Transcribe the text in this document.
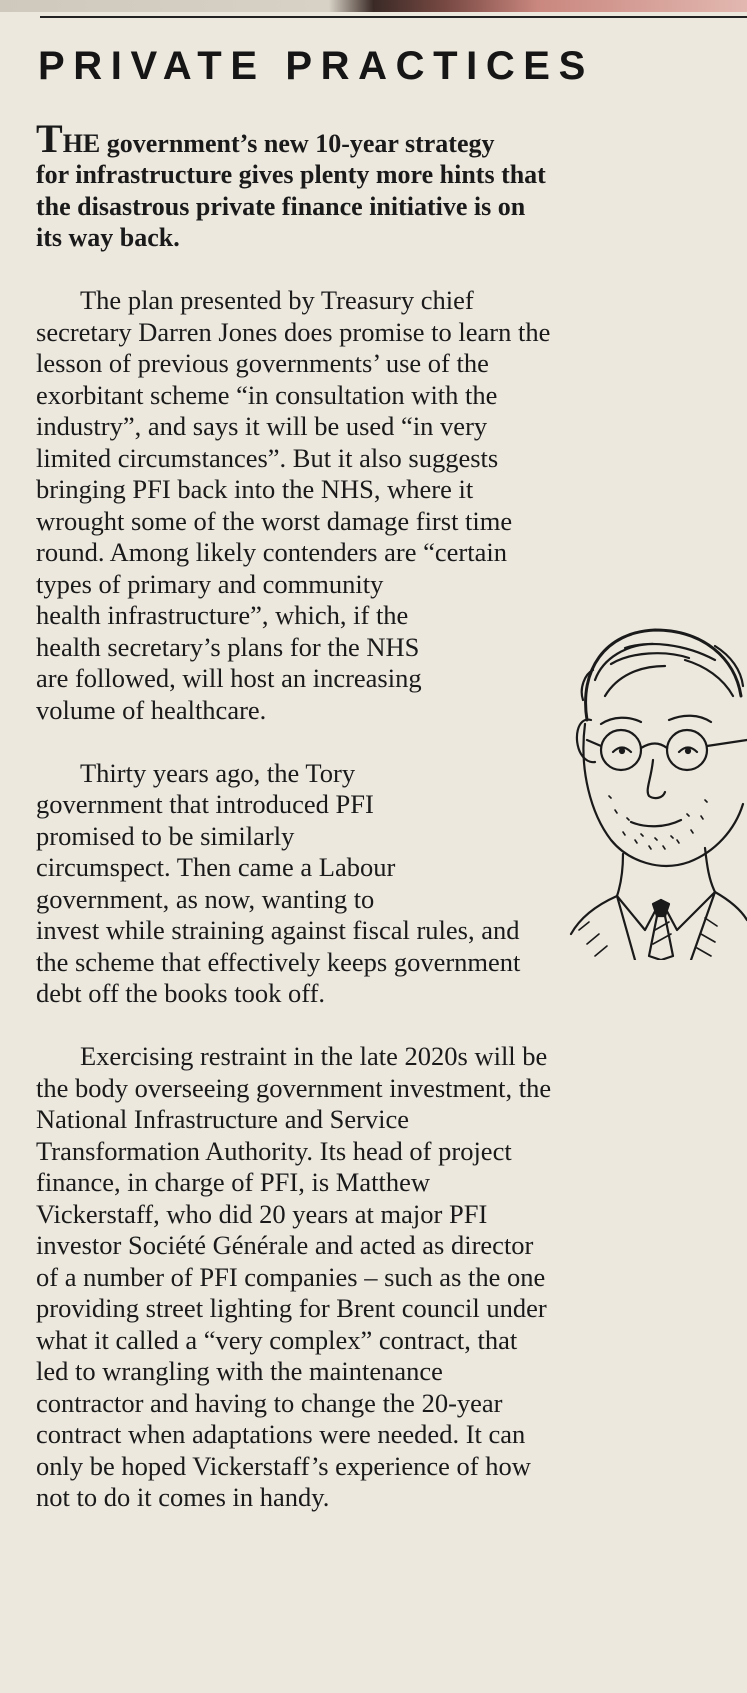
PRIVATE PRACTICES

THE government’s new 10-year strategy
for infrastructure gives plenty more hints that
the disastrous private finance initiative is on
its way back.

The plan presented by Treasury chief
secretary Darren Jones does promise to learn the
lesson of previous governments’ use of the
exorbitant scheme “in consultation with the
industry”, and says it will be used “in very
limited circumstances”. But it also suggests
bringing PFI back into the NHS, where it
wrought some of the worst damage first time
round. Among likely contenders are “certain
types of primary and community
health infrastructure”, which, if the
health secretary’s plans for the NHS
are followed, will host an increasing
volume of healthcare.

Thirty years ago, the Tory
government that introduced PFI
promised to be similarly
circumspect. Then came a Labour
government, as now, wanting to
invest while straining against fiscal rules, and
the scheme that effectively keeps government
debt off the books took off.

Exercising restraint in the late 2020s will be
the body overseeing government investment, the
National Infrastructure and Service
Transformation Authority. Its head of project
finance, in charge of PFI, is Matthew
Vickerstaff, who did 20 years at major PFI
investor Société Générale and acted as director
of a number of PFI companies – such as the one
providing street lighting for Brent council under
what it called a “very complex” contract, that
led to wrangling with the maintenance
contractor and having to change the 20-year
contract when adaptations were needed. It can
only be hoped Vickerstaff’s experience of how
not to do it comes in handy.
